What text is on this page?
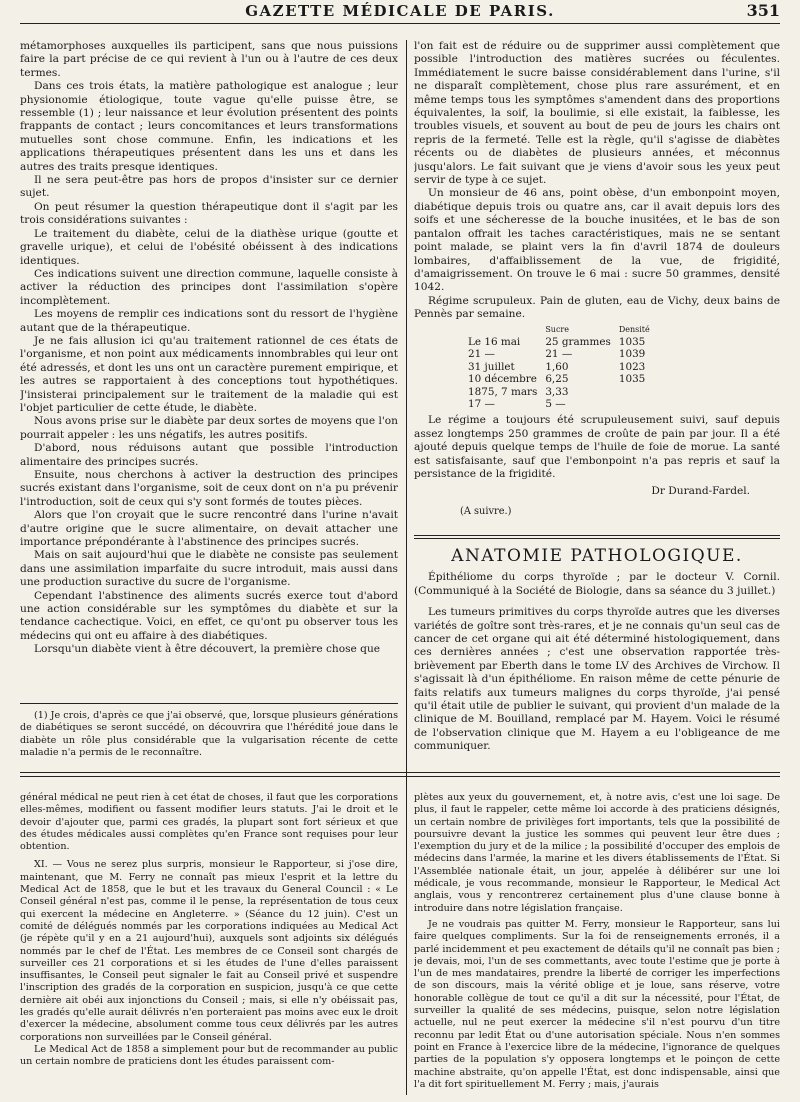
GAZETTE MÉDICALE DE PARIS.	351

métamorphoses auxquelles ils participent, sans que nous puissions faire la part précise de ce qui revient à l'un ou à l'autre de ces deux termes.

Dans ces trois états, la matière pathologique est analogue ; leur physionomie étiologique, toute vague qu'elle puisse être, se ressemble (1) ; leur naissance et leur évolution présentent des points frappants de contact ; leurs concomitances et leurs transformations mutuelles sont chose commune. Enfin, les indications et les applications thérapeutiques présentent dans les uns et dans les autres des traits presque identiques.

Il ne sera peut-être pas hors de propos d'insister sur ce dernier sujet.

On peut résumer la question thérapeutique dont il s'agit par les trois considérations suivantes :

Le traitement du diabète, celui de la diathèse urique (goutte et gravelle urique), et celui de l'obésité obéissent à des indications identiques.

Ces indications suivent une direction commune, laquelle consiste à activer la réduction des principes dont l'assimilation s'opère incomplètement.

Les moyens de remplir ces indications sont du ressort de l'hygiène autant que de la thérapeutique.

Je ne fais allusion ici qu'au traitement rationnel de ces états de l'organisme, et non point aux médicaments innombrables qui leur ont été adressés, et dont les uns ont un caractère purement empirique, et les autres se rapportaient à des conceptions tout hypothétiques. J'insisterai principalement sur le traitement de la maladie qui est l'objet particulier de cette étude, le diabète.

Nous avons prise sur le diabète par deux sortes de moyens que l'on pourrait appeler : les uns négatifs, les autres positifs.

D'abord, nous réduisons autant que possible l'introduction alimentaire des principes sucrés.

Ensuite, nous cherchons à activer la destruction des principes sucrés existant dans l'organisme, soit de ceux dont on n'a pu prévenir l'introduction, soit de ceux qui s'y sont formés de toutes pièces.

Alors que l'on croyait que le sucre rencontré dans l'urine n'avait d'autre origine que le sucre alimentaire, on devait attacher une importance prépondérante à l'abstinence des principes sucrés.

Mais on sait aujourd'hui que le diabète ne consiste pas seulement dans une assimilation imparfaite du sucre introduit, mais aussi dans une production suractive du sucre de l'organisme.

Cependant l'abstinence des aliments sucrés exerce tout d'abord une action considérable sur les symptômes du diabète et sur la tendance cachectique. Voici, en effet, ce qu'ont pu observer tous les médecins qui ont eu affaire à des diabétiques.

Lorsqu'un diabète vient à être découvert, la première chose que

(1) Je crois, d'après ce que j'ai observé, que, lorsque plusieurs générations de diabétiques se seront succédé, on découvrira que l'hérédité joue dans le diabète un rôle plus considérable que la vulgarisation récente de cette maladie n'a permis de le reconnaître.

l'on fait est de réduire ou de supprimer aussi complètement que possible l'introduction des matières sucrées ou féculentes. Immédiatement le sucre baisse considérablement dans l'urine, s'il ne disparaît complètement, chose plus rare assurément, et en même temps tous les symptômes s'amendent dans des proportions équivalentes, la soif, la boulimie, si elle existait, la faiblesse, les troubles visuels, et souvent au bout de peu de jours les chairs ont repris de la fermeté. Telle est la règle, qu'il s'agisse de diabètes récents ou de diabètes de plusieurs années, et méconnus jusqu'alors. Le fait suivant que je viens d'avoir sous les yeux peut servir de type à ce sujet.

Un monsieur de 46 ans, point obèse, d'un embonpoint moyen, diabétique depuis trois ou quatre ans, car il avait depuis lors des soifs et une sécheresse de la bouche inusitées, et le bas de son pantalon offrait les taches caractéristiques, mais ne se sentant point malade, se plaint vers la fin d'avril 1874 de douleurs lombaires, d'affaiblissement de la vue, de frigidité, d'amaigrissement. On trouve le 6 mai : sucre 50 grammes, densité 1042.

Régime scrupuleux. Pain de gluten, eau de Vichy, deux bains de Pennès par semaine.

	Sucre	Densité
Le 16 mai	25 grammes	1035
21 —	21 —	1039
31 juillet	1,60	1023
10 décembre	6,25	1035
1875, 7 mars	3,33	
17 —	5 —	

Le régime a toujours été scrupuleusement suivi, sauf depuis assez longtemps 250 grammes de croûte de pain par jour. Il a été ajouté depuis quelque temps de l'huile de foie de morue. La santé est satisfaisante, sauf que l'embonpoint n'a pas repris et sauf la persistance de la frigidité.

Dr Durand-Fardel.
(A suivre.)
ANATOMIE PATHOLOGIQUE.

Épithéliome du corps thyroïde ; par le docteur V. Cornil. (Communiqué à la Société de Biologie, dans sa séance du 3 juillet.)

Les tumeurs primitives du corps thyroïde autres que les diverses variétés de goître sont très-rares, et je ne connais qu'un seul cas de cancer de cet organe qui ait été déterminé histologiquement, dans ces dernières années ; c'est une observation rapportée très-brièvement par Eberth dans le tome LV des Archives de Virchow. Il s'agissait là d'un épithéliome. En raison même de cette pénurie de faits relatifs aux tumeurs malignes du corps thyroïde, j'ai pensé qu'il était utile de publier le suivant, qui provient d'un malade de la clinique de M. Bouilland, remplacé par M. Hayem. Voici le résumé de l'observation clinique que M. Hayem a eu l'obligeance de me communiquer.

général médical ne peut rien à cet état de choses, il faut que les corporations elles-mêmes, modifient ou fassent modifier leurs statuts. J'ai le droit et le devoir d'ajouter que, parmi ces gradés, la plupart sont fort sérieux et que des études médicales aussi complètes qu'en France sont requises pour leur obtention.

XI. — Vous ne serez plus surpris, monsieur le Rapporteur, si j'ose dire, maintenant, que M. Ferry ne connaît pas mieux l'esprit et la lettre du Medical Act de 1858, que le but et les travaux du General Council : « Le Conseil général n'est pas, comme il le pense, la représentation de tous ceux qui exercent la médecine en Angleterre. » (Séance du 12 juin). C'est un comité de délégués nommés par les corporations indiquées au Medical Act (je répète qu'il y en a 21 aujourd'hui), auxquels sont adjoints six délégués nommés par le chef de l'État. Les membres de ce Conseil sont chargés de surveiller ces 21 corporations et si les études de l'une d'elles paraissent insuffisantes, le Conseil peut signaler le fait au Conseil privé et suspendre l'inscription des gradés de la corporation en suspicion, jusqu'à ce que cette dernière ait obéi aux injonctions du Conseil ; mais, si elle n'y obéissait pas, les gradés qu'elle aurait délivrés n'en porteraient pas moins avec eux le droit d'exercer la médecine, absolument comme tous ceux délivrés par les autres corporations non surveillées par le Conseil général.

Le Medical Act de 1858 a simplement pour but de recommander au public un certain nombre de praticiens dont les études paraissent com-

plètes aux yeux du gouvernement, et, à notre avis, c'est une loi sage. De plus, il faut le rappeler, cette même loi accorde à des praticiens désignés, un certain nombre de privilèges fort importants, tels que la possibilité de poursuivre devant la justice les sommes qui peuvent leur être dues ; l'exemption du jury et de la milice ; la possibilité d'occuper des emplois de médecins dans l'armée, la marine et les divers établissements de l'État. Si l'Assemblée nationale était, un jour, appelée à délibérer sur une loi médicale, je vous recommande, monsieur le Rapporteur, le Medical Act anglais, vous y rencontrerez certainement plus d'une clause bonne à introduire dans notre législation française.

Je ne voudrais pas quitter M. Ferry, monsieur le Rapporteur, sans lui faire quelques compliments. Sur la foi de renseignements erronés, il a parlé incidemment et peu exactement de détails qu'il ne connaît pas bien ; je devais, moi, l'un de ses commettants, avec toute l'estime que je porte à l'un de mes mandataires, prendre la liberté de corriger les imperfections de son discours, mais la vérité oblige et je loue, sans réserve, votre honorable collègue de tout ce qu'il a dit sur la nécessité, pour l'État, de surveiller la qualité de ses médecins, puisque, selon notre législation actuelle, nul ne peut exercer la médecine s'il n'est pourvu d'un titre reconnu par ledit État ou d'une autorisation spéciale. Nous n'en sommes point en France à l'exercice libre de la médecine, l'ignorance de quelques parties de la population s'y opposera longtemps et le poinçon de cette machine abstraite, qu'on appelle l'État, est donc indispensable, ainsi que l'a dit fort spirituellement M. Ferry ; mais, j'aurais
